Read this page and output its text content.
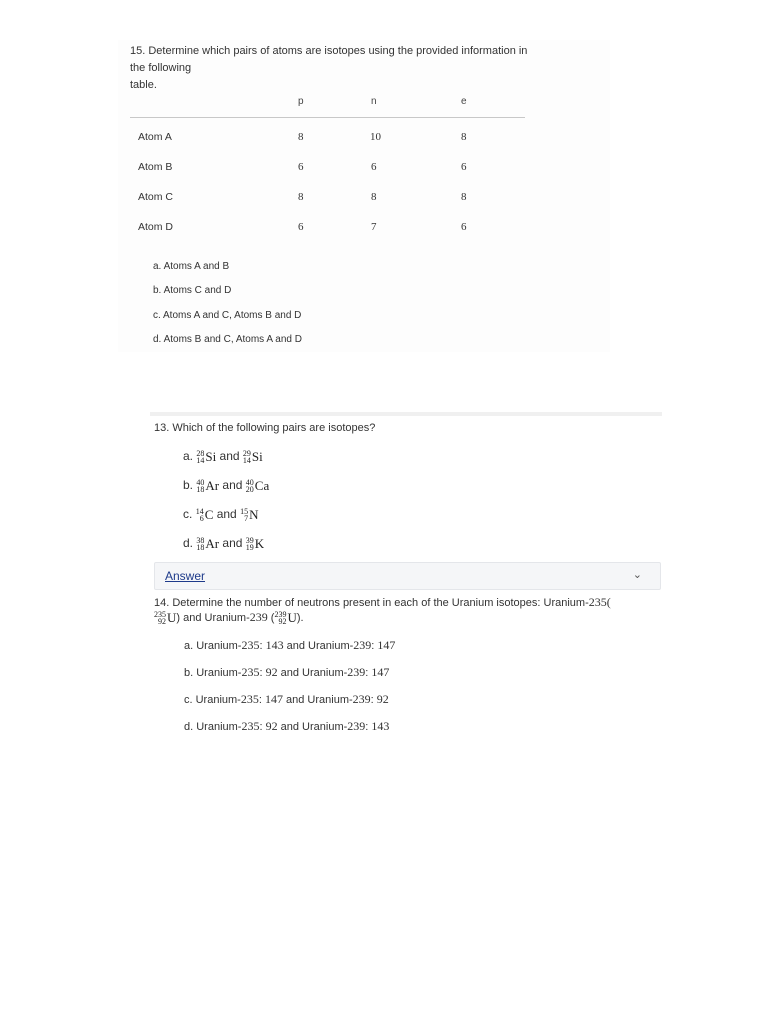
15. Determine which pairs of atoms are isotopes using the provided information in the following
table.
p	n	e
Atom A	8	10	8
Atom B	6	6	6
Atom C	8	8	8
Atom D	6	7	6
a. Atoms A and B
b. Atoms C and D
c. Atoms A and C, Atoms B and D
d. Atoms B and C, Atoms A and D
13. Which of the following pairs are isotopes?
a. 28
14 Si and 29
14 Si
b. 40
18 Ar and 40
20 Ca
c. 14
6 C and 15
7 N
d. 38
18 Ar and 39
19 K
Answer	⌄
14. Determine the number of neutrons present in each of the Uranium isotopes: Uranium-235(
235
92 U) and Uranium-239 ( 239
92 U).
a. Uranium-235: 143 and Uranium-239: 147
b. Uranium-235: 92 and Uranium-239: 147
c. Uranium-235: 147 and Uranium-239: 92
d. Uranium-235: 92 and Uranium-239: 143
